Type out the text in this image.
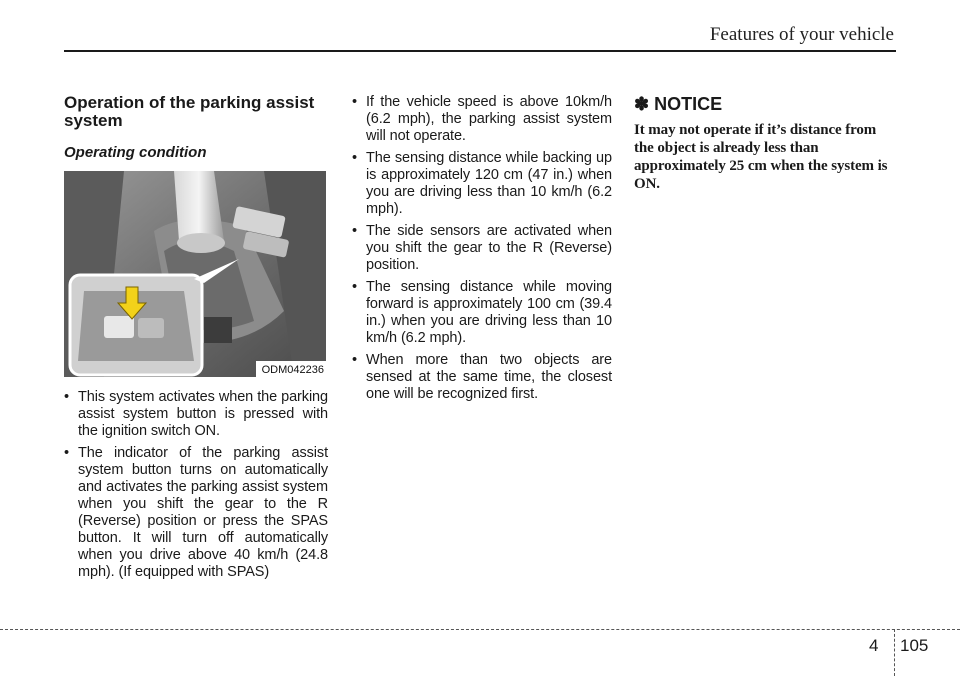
Features of your vehicle
Operation of the parking assist system
Operating condition
ODM042236
• This system activates when the parking assist system button is pressed with the ignition switch ON.
• The indicator of the parking assist system button turns on automatically and activates the parking assist system when you shift the gear to the R (Reverse) position or press the SPAS button. It will turn off automatically when you drive above 40 km/h (24.8 mph). (If equipped with SPAS)
• If the vehicle speed is above 10km/h (6.2 mph), the parking assist system will not operate.
• The sensing distance while backing up is approximately 120 cm (47 in.) when you are driving less than 10 km/h (6.2 mph).
• The side sensors are activated when you shift the gear to the R (Reverse) position.
• The sensing distance while moving forward is approximately 100 cm (39.4 in.) when you are driving less than 10 km/h (6.2 mph).
• When more than two objects are sensed at the same time, the closest one will be recognized first.
✽ NOTICE
It may not operate if it’s distance from the object is already less than approximately 25 cm when the system is ON.
4 105
